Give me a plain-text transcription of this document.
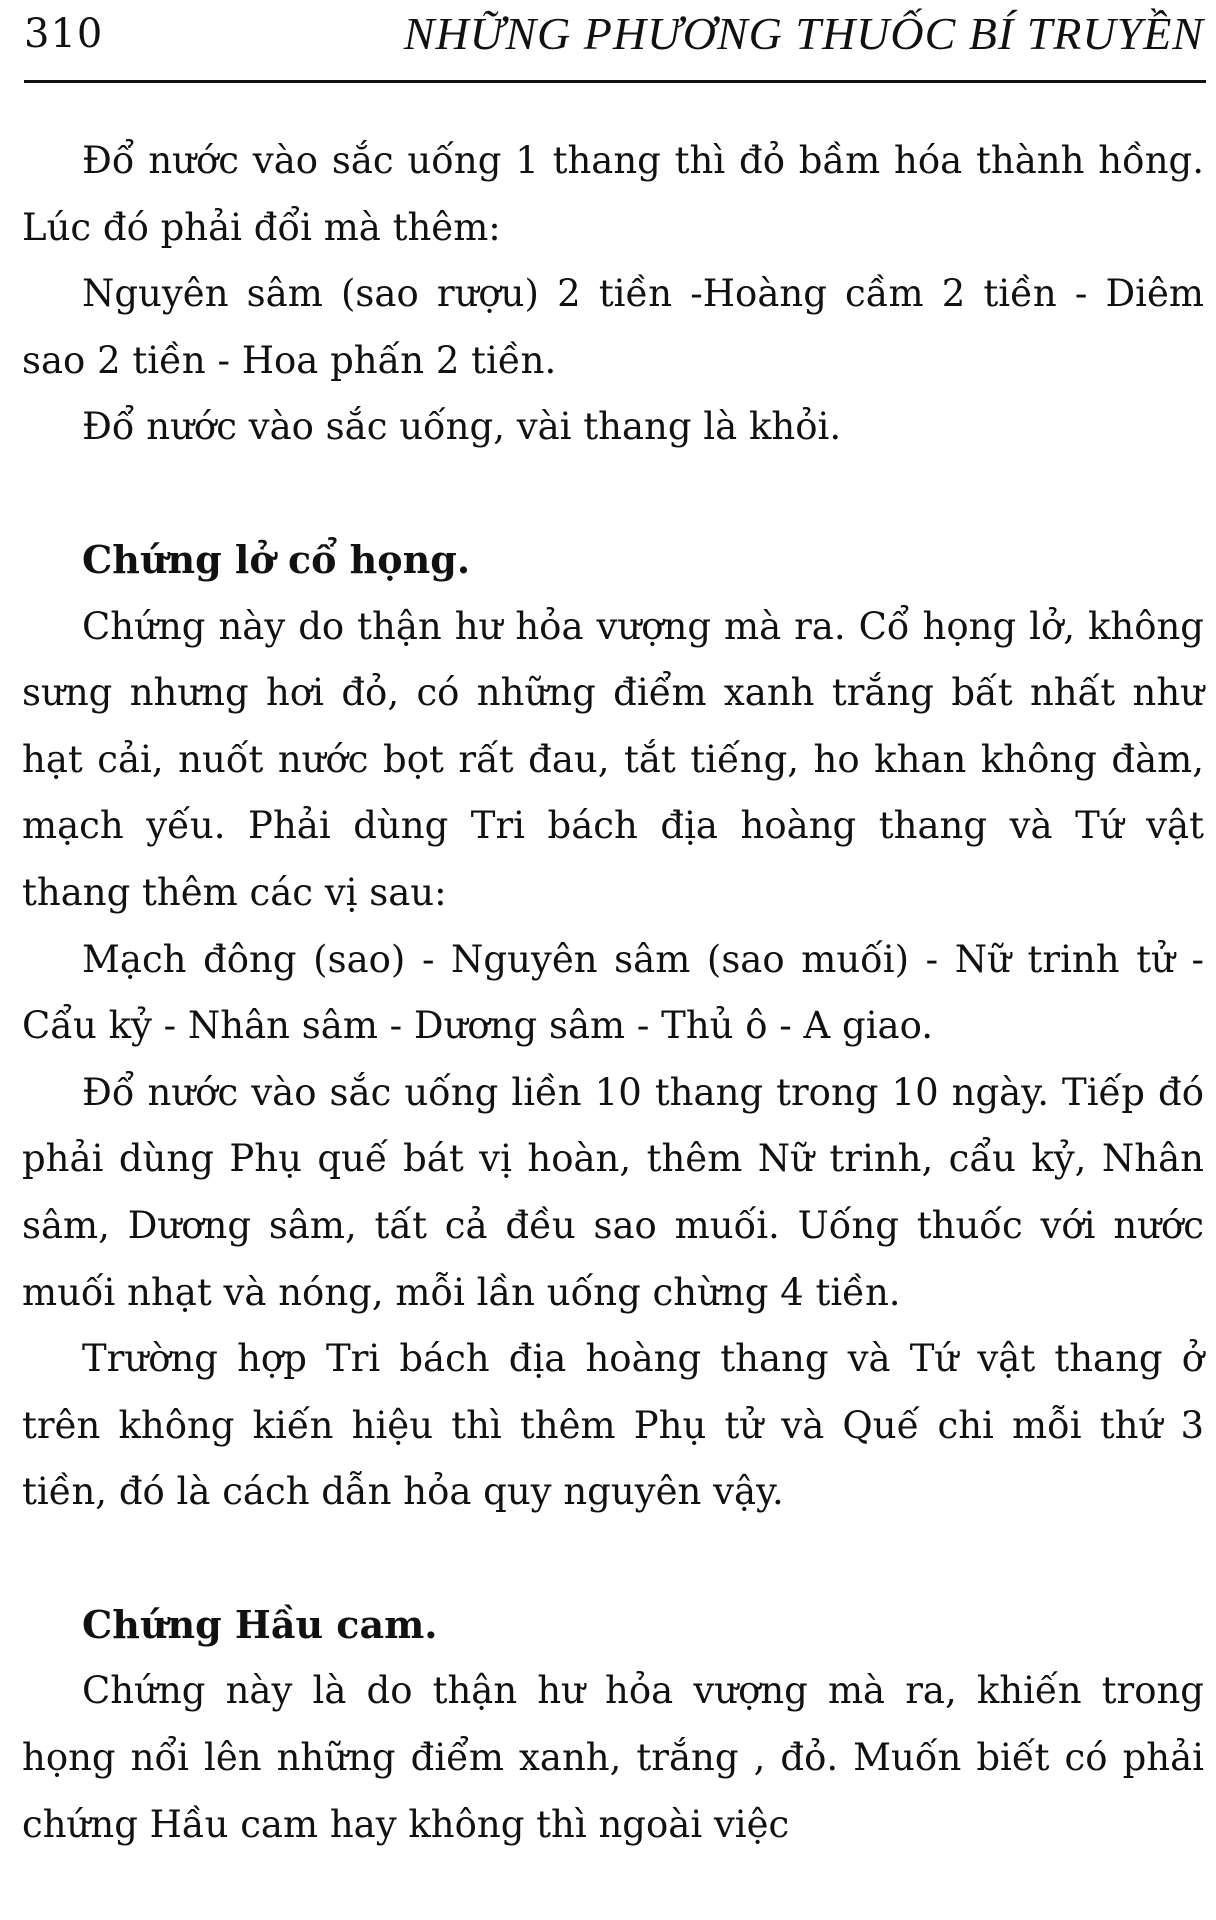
310	NHỮNG PHƯƠNG THUỐC BÍ TRUYỀN

Đổ nước vào sắc uống 1 thang thì đỏ bầm hóa thành hồng. Lúc đó phải đổi mà thêm:

Nguyên sâm (sao rượu) 2 tiền -Hoàng cầm 2 tiền - Diêm sao 2 tiền - Hoa phấn 2 tiền.

Đổ nước vào sắc uống, vài thang là khỏi.

Chứng lở cổ họng.

Chứng này do thận hư hỏa vượng mà ra. Cổ họng lở, không sưng nhưng hơi đỏ, có những điểm xanh trắng bất nhất như hạt cải, nuốt nước bọt rất đau, tắt tiếng, ho khan không đàm, mạch yếu. Phải dùng Tri bách địa hoàng thang và Tứ vật thang thêm các vị sau:

Mạch đông (sao) - Nguyên sâm (sao muối) - Nữ trinh tử - Cẩu kỷ - Nhân sâm - Dương sâm - Thủ ô - A giao.

Đổ nước vào sắc uống liền 10 thang trong 10 ngày. Tiếp đó phải dùng Phụ quế bát vị hoàn, thêm Nữ trinh, cẩu kỷ, Nhân sâm, Dương sâm, tất cả đều sao muối. Uống thuốc với nước muối nhạt và nóng, mỗi lần uống chừng 4 tiền.

Trường hợp Tri bách địa hoàng thang và Tứ vật thang ở trên không kiến hiệu thì thêm Phụ tử và Quế chi mỗi thứ 3 tiền, đó là cách dẫn hỏa quy nguyên vậy.

Chứng Hầu cam.

Chứng này là do thận hư hỏa vượng mà ra, khiến trong họng nổi lên những điểm xanh, trắng , đỏ. Muốn biết có phải chứng Hầu cam hay không thì ngoài việc
